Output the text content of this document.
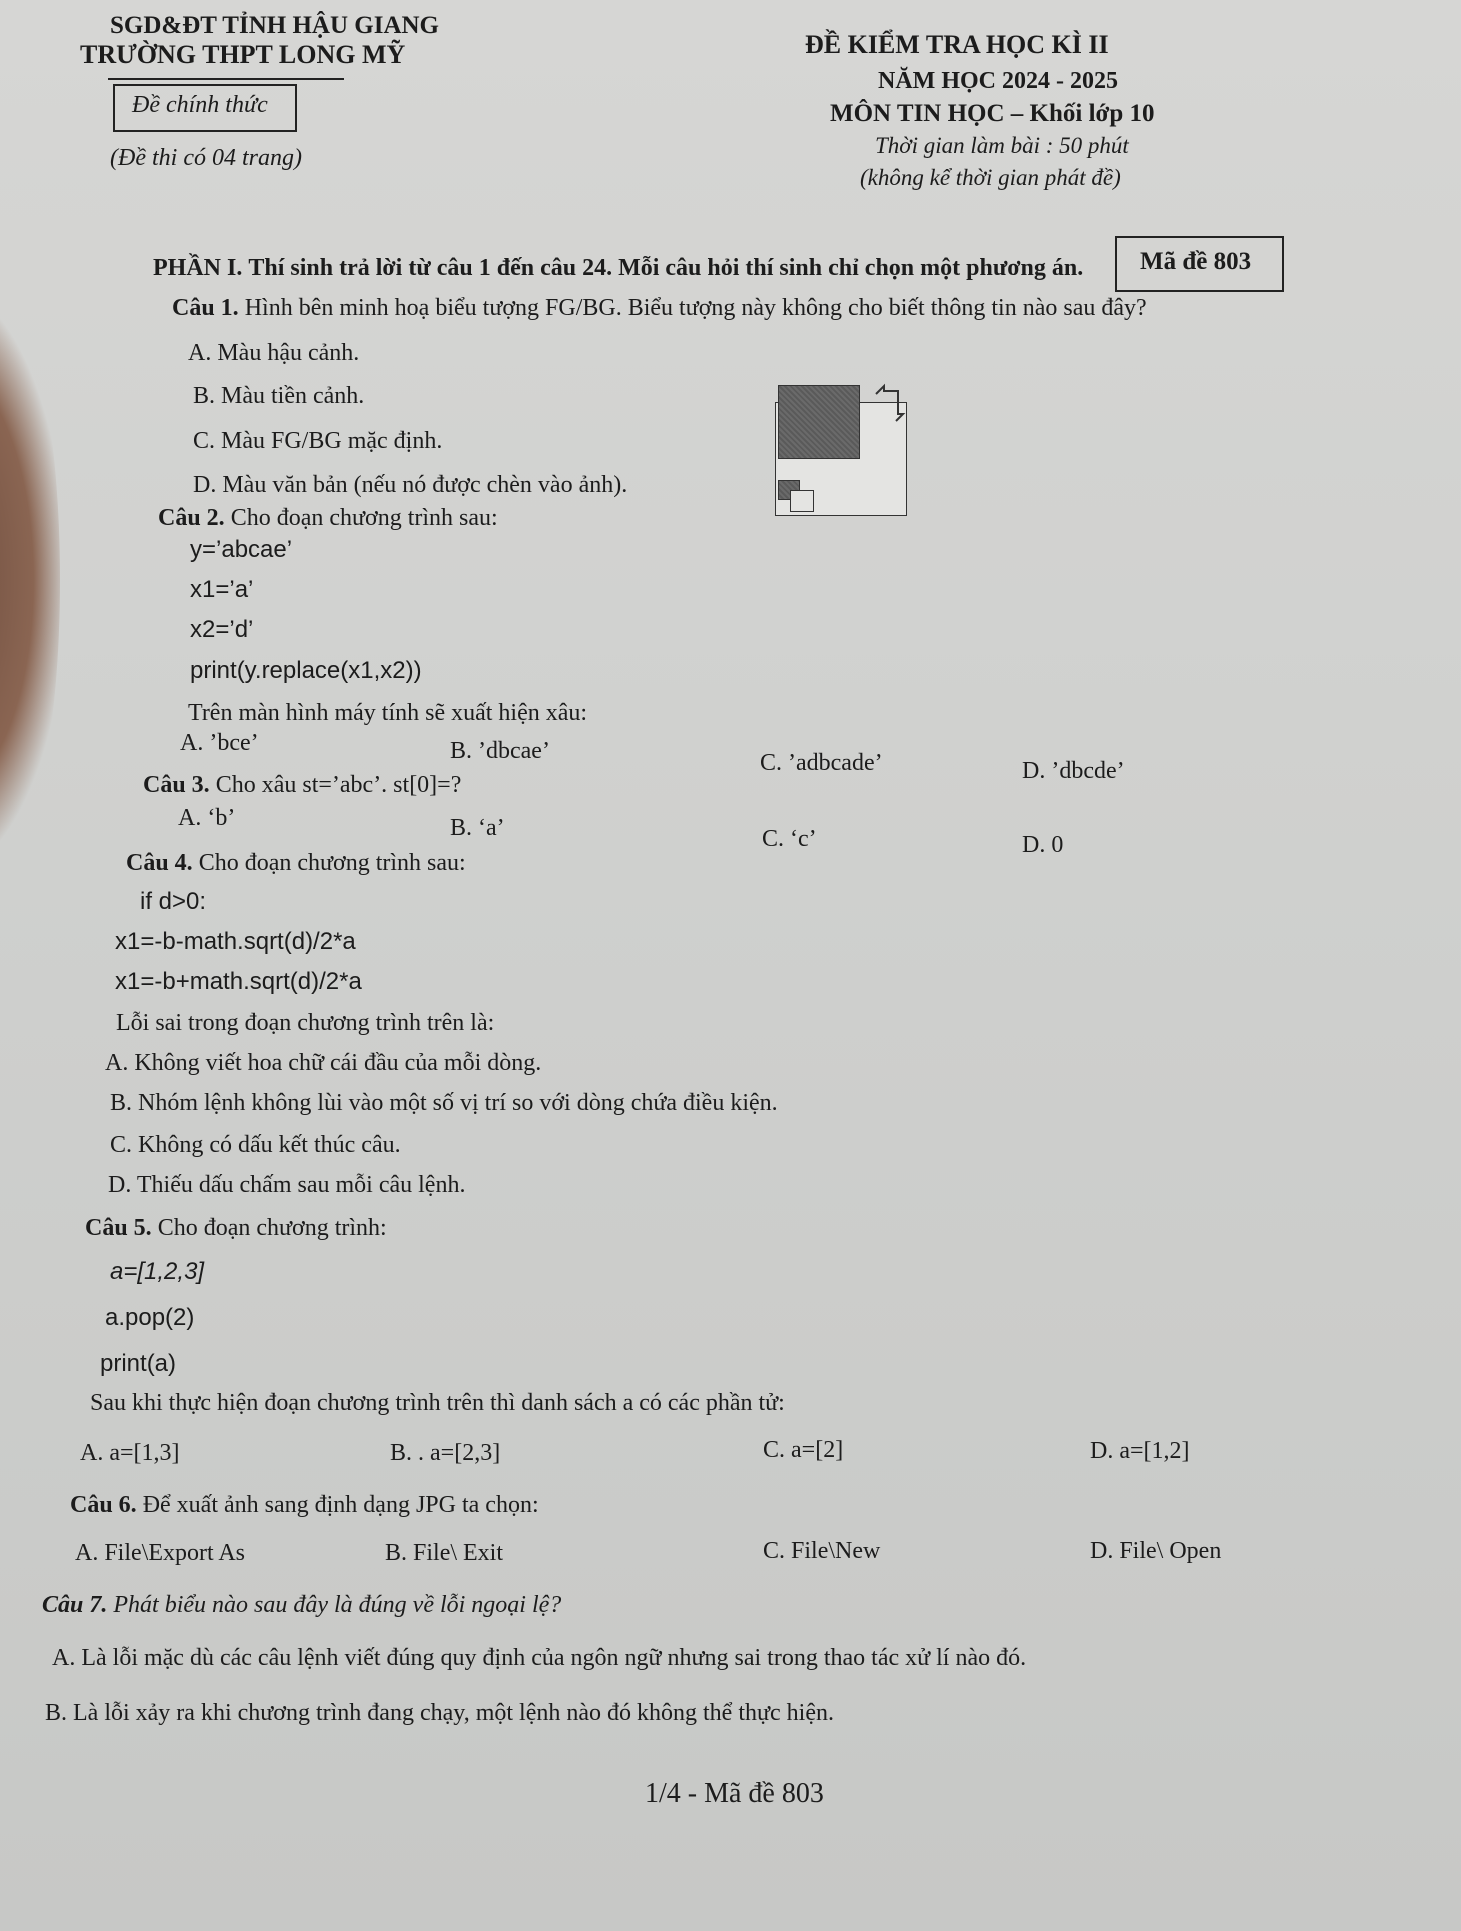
SGD&ĐT TỈNH HẬU GIANG
TRƯỜNG THPT LONG MỸ
Đề chính thức
(Đề thi có 04 trang)
ĐỀ KIỂM TRA HỌC KÌ II
NĂM HỌC 2024 - 2025
MÔN TIN HỌC – Khối lớp 10
Thời gian làm bài : 50 phút
(không kể thời gian phát đề)
Mã đề 803
PHẦN I. Thí sinh trả lời từ câu 1 đến câu 24. Mỗi câu hỏi thí sinh chỉ chọn một phương án.
Câu 1. Hình bên minh hoạ biểu tượng FG/BG. Biểu tượng này không cho biết thông tin nào sau đây?
A. Màu hậu cảnh.
B. Màu tiền cảnh.
C. Màu FG/BG mặc định.
D. Màu văn bản (nếu nó được chèn vào ảnh).
Câu 2. Cho đoạn chương trình sau:
y=’abcae’
x1=’a’
x2=’d’
print(y.replace(x1,x2))
Trên màn hình máy tính sẽ xuất hiện xâu:
A. ’bce’	B. ’dbcae’	C. ’adbcade’	D. ’dbcde’
Câu 3. Cho xâu st=’abc’. st[0]=?
A. ‘b’	B. ‘a’	C. ‘c’	D. 0
Câu 4. Cho đoạn chương trình sau:
if d>0:
x1=-b-math.sqrt(d)/2*a
x1=-b+math.sqrt(d)/2*a
Lỗi sai trong đoạn chương trình trên là:
A. Không viết hoa chữ cái đầu của mỗi dòng.
B. Nhóm lệnh không lùi vào một số vị trí so với dòng chứa điều kiện.
C. Không có dấu kết thúc câu.
D. Thiếu dấu chấm sau mỗi câu lệnh.
Câu 5. Cho đoạn chương trình:
a=[1,2,3]
a.pop(2)
print(a)
Sau khi thực hiện đoạn chương trình trên thì danh sách a có các phần tử:
A. a=[1,3]	B. . a=[2,3]	C. a=[2]	D. a=[1,2]
Câu 6. Để xuất ảnh sang định dạng JPG ta chọn:
A. File\Export As	B. File\ Exit	C. File\New	D. File\ Open
Câu 7. Phát biểu nào sau đây là đúng về lỗi ngoại lệ?
A. Là lỗi mặc dù các câu lệnh viết đúng quy định của ngôn ngữ nhưng sai trong thao tác xử lí nào đó.
B. Là lỗi xảy ra khi chương trình đang chạy, một lệnh nào đó không thể thực hiện.
1/4 - Mã đề 803
